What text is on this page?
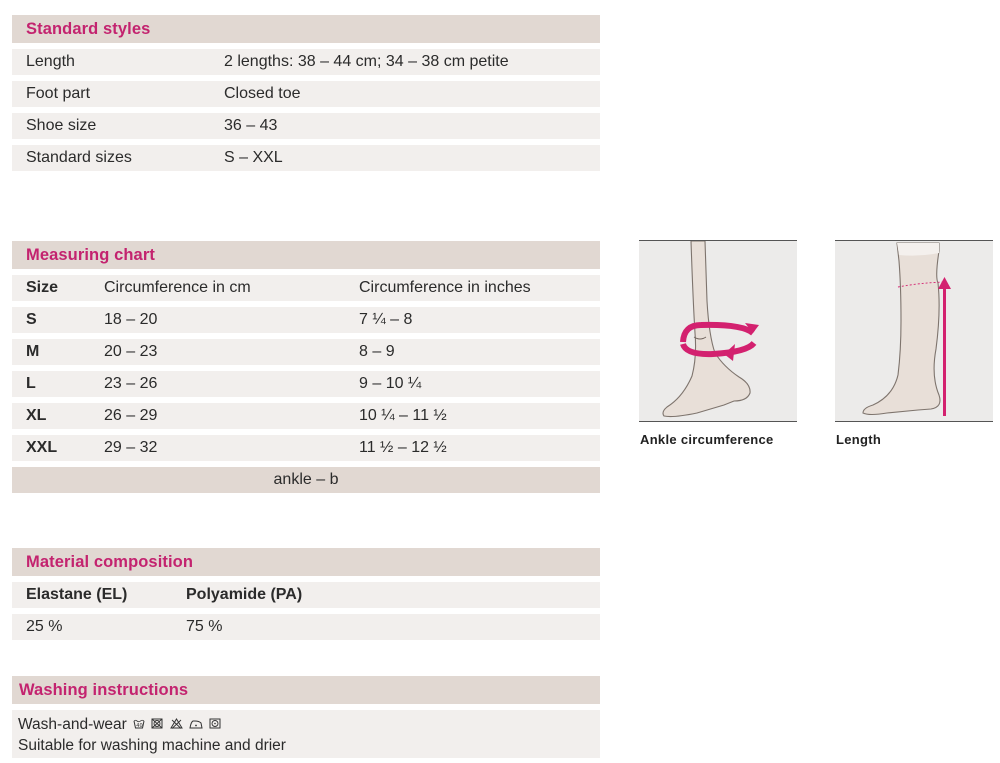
Standard styles
Length	2 lengths: 38 – 44 cm; 34 – 38 cm petite
Foot part	Closed toe
Shoe size	36 – 43
Standard sizes	S – XXL
Measuring chart
Size	Circumference in cm	Circumference in inches
S	18 – 20	7 ¼ – 8
M	20 – 23	8 – 9
L	23 – 26	9 – 10 ¼
XL	26 – 29	10 ¼ – 11 ½
XXL	29 – 32	11 ½ – 12 ½
ankle – b
Material composition
Elastane (EL)	Polyamide (PA)
25 %	75 %
Washing instructions
Wash-and-wear 40

Suitable for washing machine and drier
Ankle circumference	Length
